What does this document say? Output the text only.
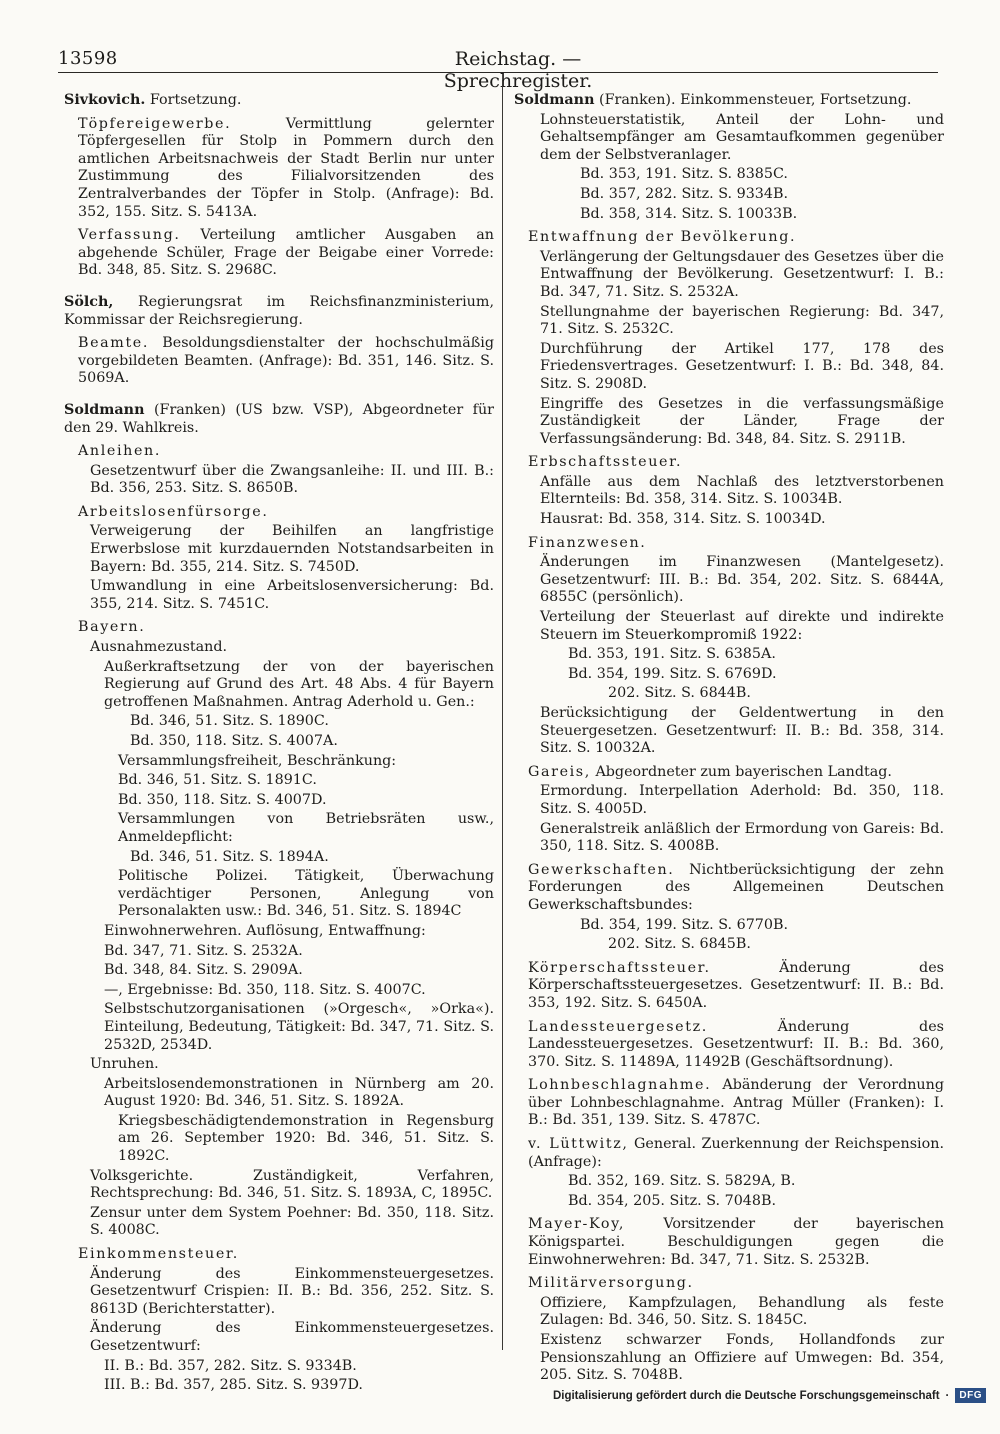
13598	Reichstag. — Sprechregister.

Sivkovich. Fortsetzung.

Töpfereigewerbe. Vermittlung gelernter Töpfergesellen für Stolp in Pommern durch den amtlichen Arbeitsnachweis der Stadt Berlin nur unter Zustimmung des Filialvorsitzenden des Zentralverbandes der Töpfer in Stolp. (Anfrage): Bd. 352, 155. Sitz. S. 5413A.

Verfassung. Verteilung amtlicher Ausgaben an abgehende Schüler, Frage der Beigabe einer Vorrede: Bd. 348, 85. Sitz. S. 2968C.

Sölch, Regierungsrat im Reichsfinanzministerium, Kommissar der Reichsregierung.

Beamte. Besoldungsdienstalter der hochschulmäßig vorgebildeten Beamten. (Anfrage): Bd. 351, 146. Sitz. S. 5069A.

Soldmann (Franken) (US bzw. VSP), Abgeordneter für den 29. Wahlkreis.

Anleihen.

Gesetzentwurf über die Zwangsanleihe: II. und III. B.: Bd. 356, 253. Sitz. S. 8650B.

Arbeitslosenfürsorge.

Verweigerung der Beihilfen an langfristige Erwerbslose mit kurzdauernden Notstandsarbeiten in Bayern: Bd. 355, 214. Sitz. S. 7450D.

Umwandlung in eine Arbeitslosenversicherung: Bd. 355, 214. Sitz. S. 7451C.

Bayern.

Ausnahmezustand.

Außerkraftsetzung der von der bayerischen Regierung auf Grund des Art. 48 Abs. 4 für Bayern getroffenen Maßnahmen. Antrag Aderhold u. Gen.:

Bd. 346, 51. Sitz. S. 1890C.

Bd. 350, 118. Sitz. S. 4007A.

Versammlungsfreiheit, Beschränkung:

Bd. 346, 51. Sitz. S. 1891C.

Bd. 350, 118. Sitz. S. 4007D.

Versammlungen von Betriebsräten usw., Anmeldepflicht:

Bd. 346, 51. Sitz. S. 1894A.

Politische Polizei. Tätigkeit, Überwachung verdächtiger Personen, Anlegung von Personalakten usw.: Bd. 346, 51. Sitz. S. 1894C

Einwohnerwehren. Auflösung, Entwaffnung:

Bd. 347, 71. Sitz. S. 2532A.

Bd. 348, 84. Sitz. S. 2909A.

—, Ergebnisse: Bd. 350, 118. Sitz. S. 4007C.

Selbstschutzorganisationen (»Orgesch«, »Orka«). Einteilung, Bedeutung, Tätigkeit: Bd. 347, 71. Sitz. S. 2532D, 2534D.

Unruhen.

Arbeitslosendemonstrationen in Nürnberg am 20. August 1920: Bd. 346, 51. Sitz. S. 1892A.

Kriegsbeschädigtendemonstration in Regensburg am 26. September 1920: Bd. 346, 51. Sitz. S. 1892C.

Volksgerichte. Zuständigkeit, Verfahren, Rechtsprechung: Bd. 346, 51. Sitz. S. 1893A, C, 1895C.

Zensur unter dem System Poehner: Bd. 350, 118. Sitz. S. 4008C.

Einkommensteuer.

Änderung des Einkommensteuergesetzes. Gesetzentwurf Crispien: II. B.: Bd. 356, 252. Sitz. S. 8613D (Berichterstatter).

Änderung des Einkommensteuergesetzes. Gesetzentwurf:

II. B.: Bd. 357, 282. Sitz. S. 9334B.

III. B.: Bd. 357, 285. Sitz. S. 9397D.

Soldmann (Franken). Einkommensteuer, Fortsetzung.

Lohnsteuerstatistik, Anteil der Lohn- und Gehaltsempfänger am Gesamtaufkommen gegenüber dem der Selbstveranlager.

Bd. 353, 191. Sitz. S. 8385C.

Bd. 357, 282. Sitz. S. 9334B.

Bd. 358, 314. Sitz. S. 10033B.

Entwaffnung der Bevölkerung.

Verlängerung der Geltungsdauer des Gesetzes über die Entwaffnung der Bevölkerung. Gesetzentwurf: I. B.: Bd. 347, 71. Sitz. S. 2532A.

Stellungnahme der bayerischen Regierung: Bd. 347, 71. Sitz. S. 2532C.

Durchführung der Artikel 177, 178 des Friedensvertrages. Gesetzentwurf: I. B.: Bd. 348, 84. Sitz. S. 2908D.

Eingriffe des Gesetzes in die verfassungsmäßige Zuständigkeit der Länder, Frage der Verfassungsänderung: Bd. 348, 84. Sitz. S. 2911B.

Erbschaftssteuer.

Anfälle aus dem Nachlaß des letztverstorbenen Elternteils: Bd. 358, 314. Sitz. S. 10034B.

Hausrat: Bd. 358, 314. Sitz. S. 10034D.

Finanzwesen.

Änderungen im Finanzwesen (Mantelgesetz). Gesetzentwurf: III. B.: Bd. 354, 202. Sitz. S. 6844A, 6855C (persönlich).

Verteilung der Steuerlast auf direkte und indirekte Steuern im Steuerkompromiß 1922:

Bd. 353, 191. Sitz. S. 6385A.

Bd. 354, 199. Sitz. S. 6769D.

202. Sitz. S. 6844B.

Berücksichtigung der Geldentwertung in den Steuergesetzen. Gesetzentwurf: II. B.: Bd. 358, 314. Sitz. S. 10032A.

Gareis, Abgeordneter zum bayerischen Landtag.

Ermordung. Interpellation Aderhold: Bd. 350, 118. Sitz. S. 4005D.

Generalstreik anläßlich der Ermordung von Gareis: Bd. 350, 118. Sitz. S. 4008B.

Gewerkschaften. Nichtberücksichtigung der zehn Forderungen des Allgemeinen Deutschen Gewerkschaftsbundes:

Bd. 354, 199. Sitz. S. 6770B.

202. Sitz. S. 6845B.

Körperschaftssteuer. Änderung des Körperschaftssteuergesetzes. Gesetzentwurf: II. B.: Bd. 353, 192. Sitz. S. 6450A.

Landessteuergesetz. Änderung des Landessteuergesetzes. Gesetzentwurf: II. B.: Bd. 360, 370. Sitz. S. 11489A, 11492B (Geschäftsordnung).

Lohnbeschlagnahme. Abänderung der Verordnung über Lohnbeschlagnahme. Antrag Müller (Franken): I. B.: Bd. 351, 139. Sitz. S. 4787C.

v. Lüttwitz, General. Zuerkennung der Reichspension. (Anfrage):

Bd. 352, 169. Sitz. S. 5829A, B.

Bd. 354, 205. Sitz. S. 7048B.

Mayer-Koy, Vorsitzender der bayerischen Königspartei. Beschuldigungen gegen die Einwohnerwehren: Bd. 347, 71. Sitz. S. 2532B.

Militärversorgung.

Offiziere, Kampfzulagen, Behandlung als feste Zulagen: Bd. 346, 50. Sitz. S. 1845C.

Existenz schwarzer Fonds, Hollandfonds zur Pensionszahlung an Offiziere auf Umwegen: Bd. 354, 205. Sitz. S. 7048B.

Digitalisierung gefördert durch die Deutsche Forschungsgemeinschaft ·	DFG
